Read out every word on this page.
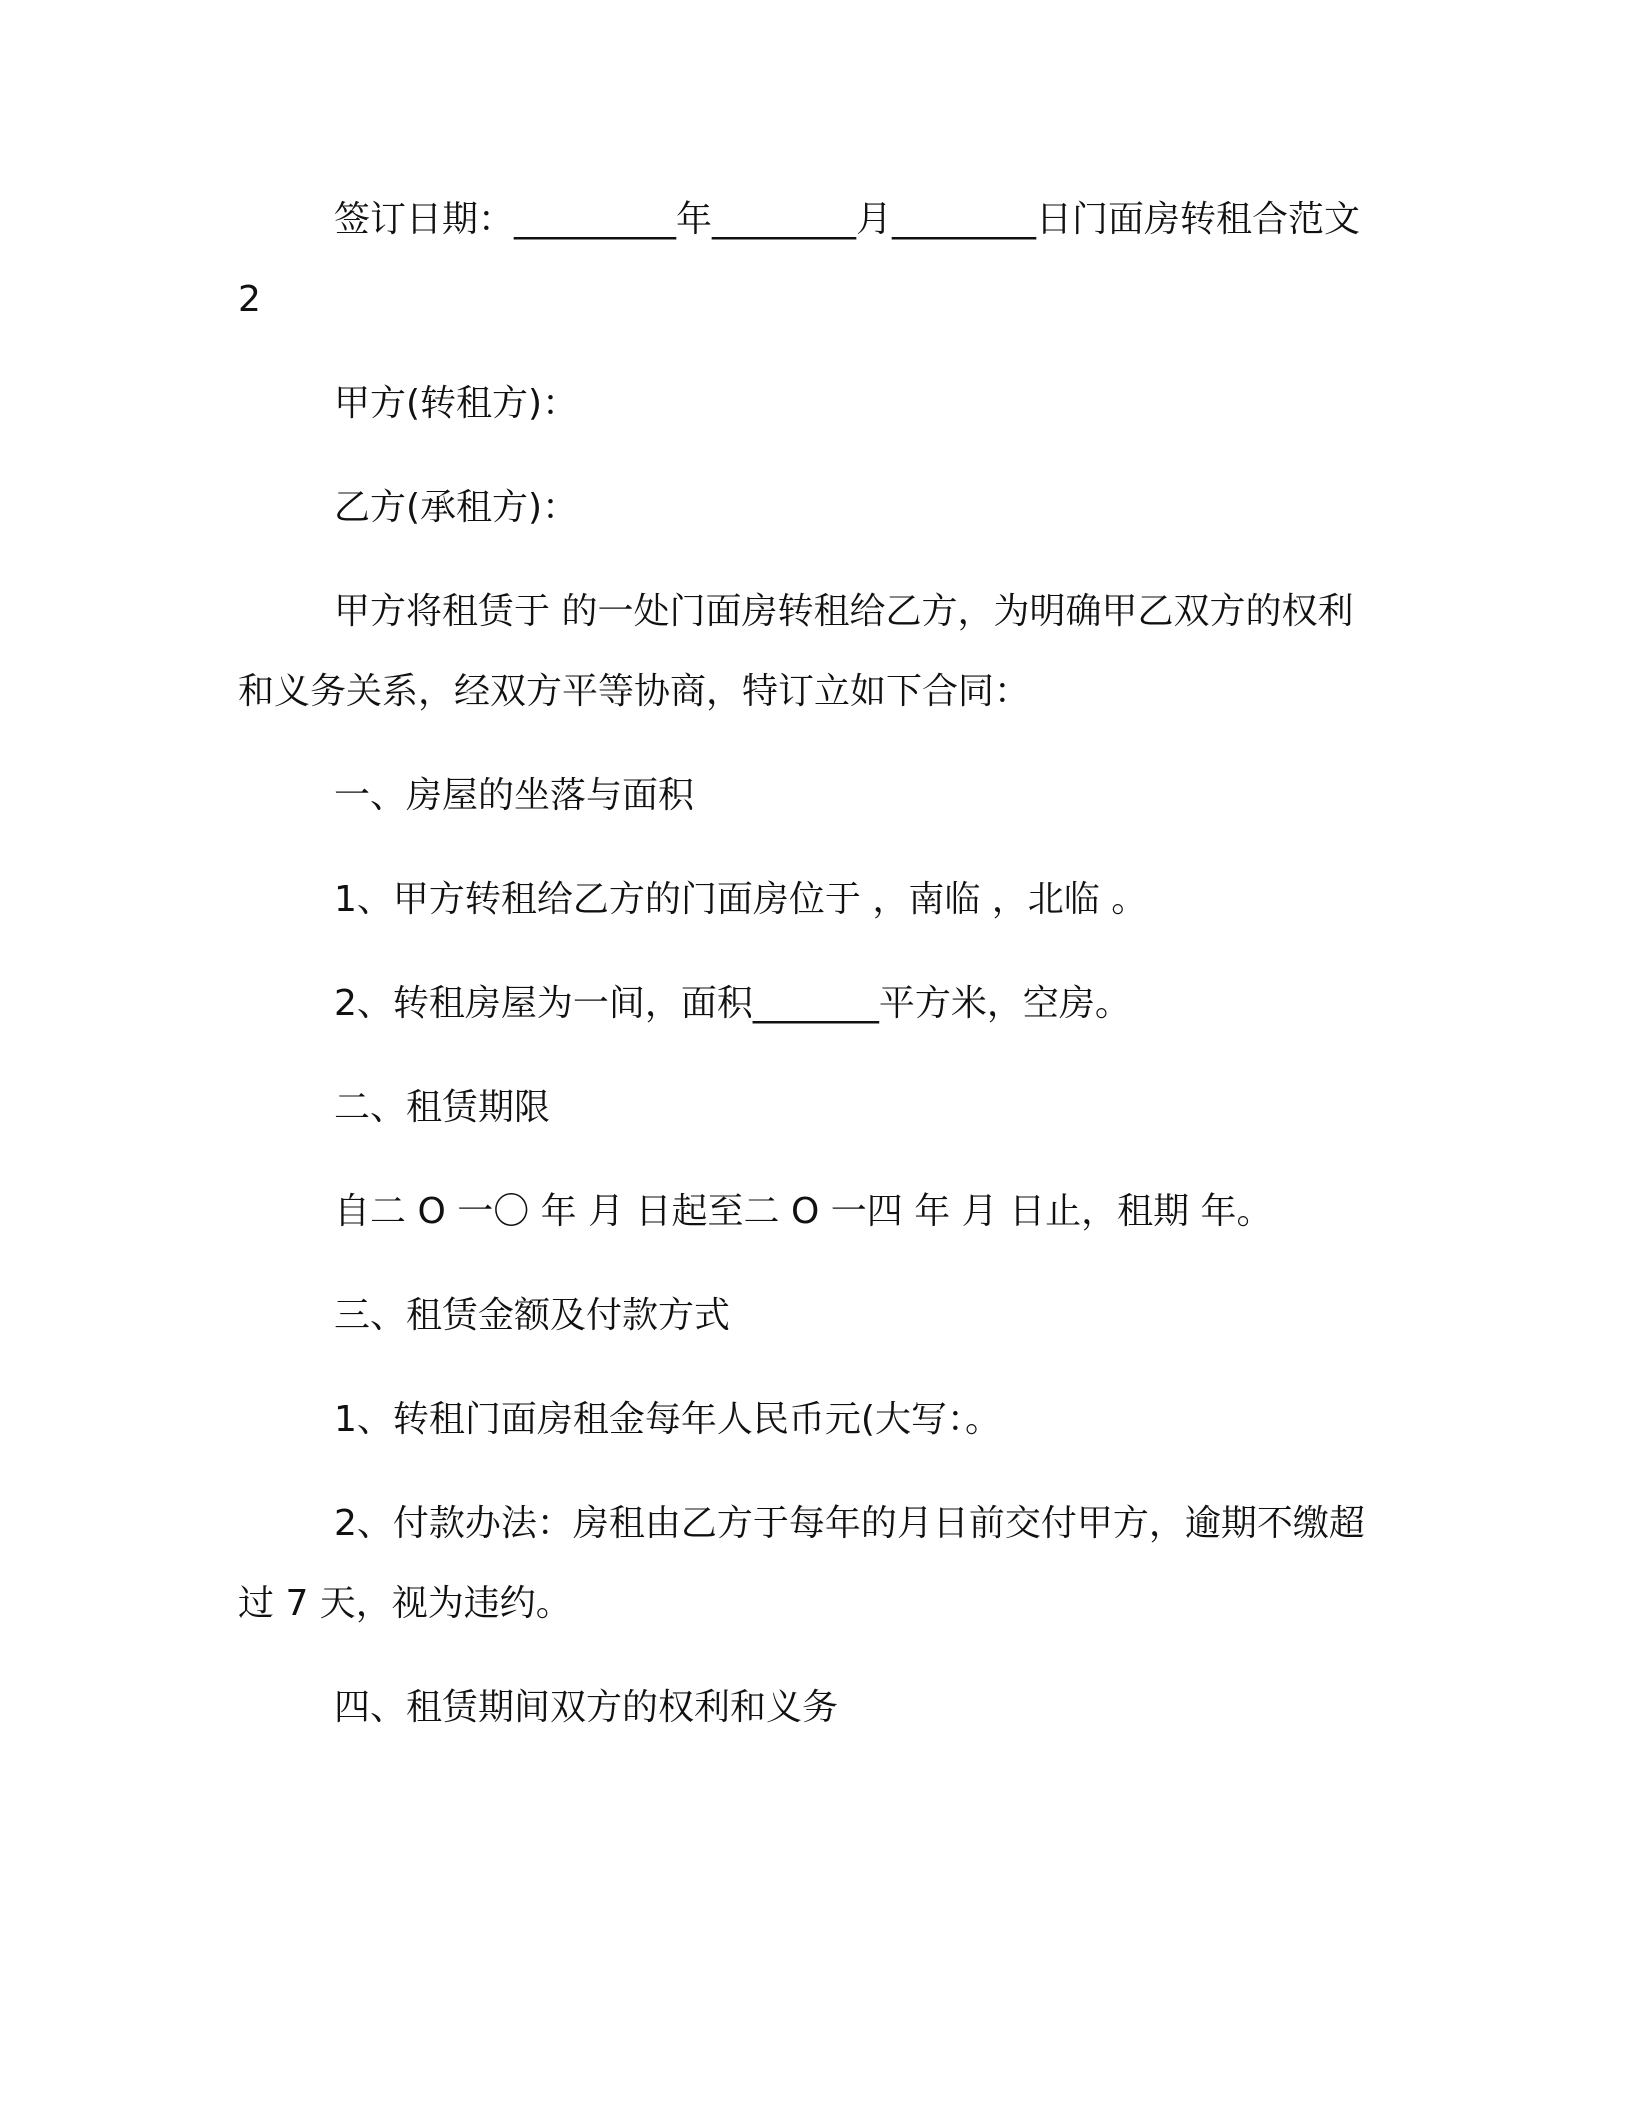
签订日期：_________年________月________日门面房转租合范文 2

甲方(转租方)：

乙方(承租方)：

甲方将租赁于 的一处门面房转租给乙方，为明确甲乙双方的权利和义务关系，经双方平等协商，特订立如下合同：

一、房屋的坐落与面积

1、甲方转租给乙方的门面房位于 ，南临 ，北临 。

2、转租房屋为一间，面积_______平方米，空房。

二、租赁期限

自二 O 一〇 年 月 日起至二 O 一四 年 月 日止，租期 年。

三、租赁金额及付款方式

1、转租门面房租金每年人民币元(大写：。

2、付款办法：房租由乙方于每年的月日前交付甲方，逾期不缴超过 7 天，视为违约。

四、租赁期间双方的权利和义务
